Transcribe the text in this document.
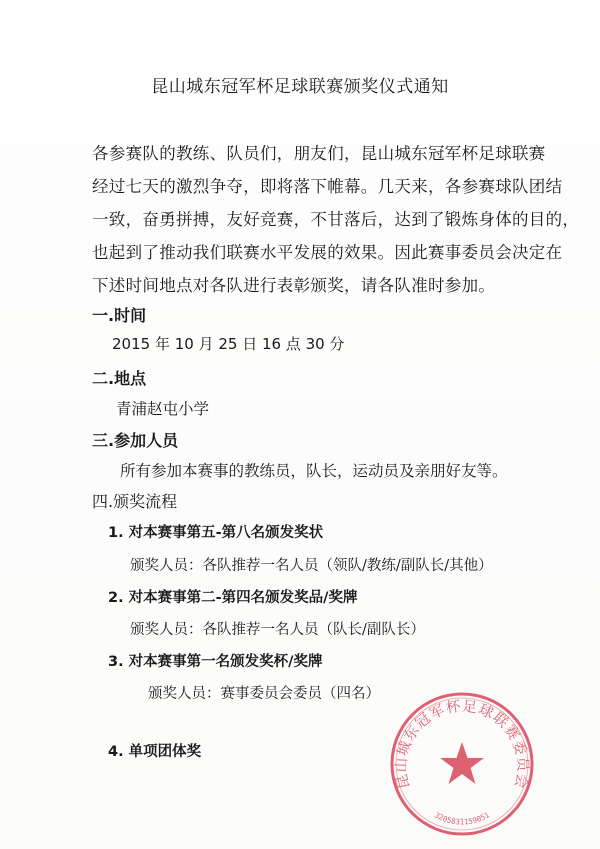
昆山城东冠军杯足球联赛颁奖仪式通知
各参赛队的教练、队员们，朋友们，昆山城东冠军杯足球联赛
经过七天的激烈争夺，即将落下帷幕。几天来，各参赛球队团结
一致，奋勇拼搏，友好竞赛，不甘落后，达到了锻炼身体的目的，
也起到了推动我们联赛水平发展的效果。因此赛事委员会决定在
下述时间地点对各队进行表彰颁奖，请各队准时参加。
一.时间
2015 年 10 月 25 日 16 点 30 分
二.地点
青浦赵屯小学
三.参加人员
所有参加本赛事的教练员，队长，运动员及亲朋好友等。
四.颁奖流程
1. 对本赛事第五-第八名颁发奖状
颁奖人员：各队推荐一名人员（领队/教练/副队长/其他）
2. 对本赛事第二-第四名颁发奖品/奖牌
颁奖人员：各队推荐一名人员（队长/副队长）
3. 对本赛事第一名颁发奖杯/奖牌
颁奖人员：赛事委员会委员（四名）
4. 单项团体奖
昆山城东冠军杯足球联赛委员会
3205831159051
